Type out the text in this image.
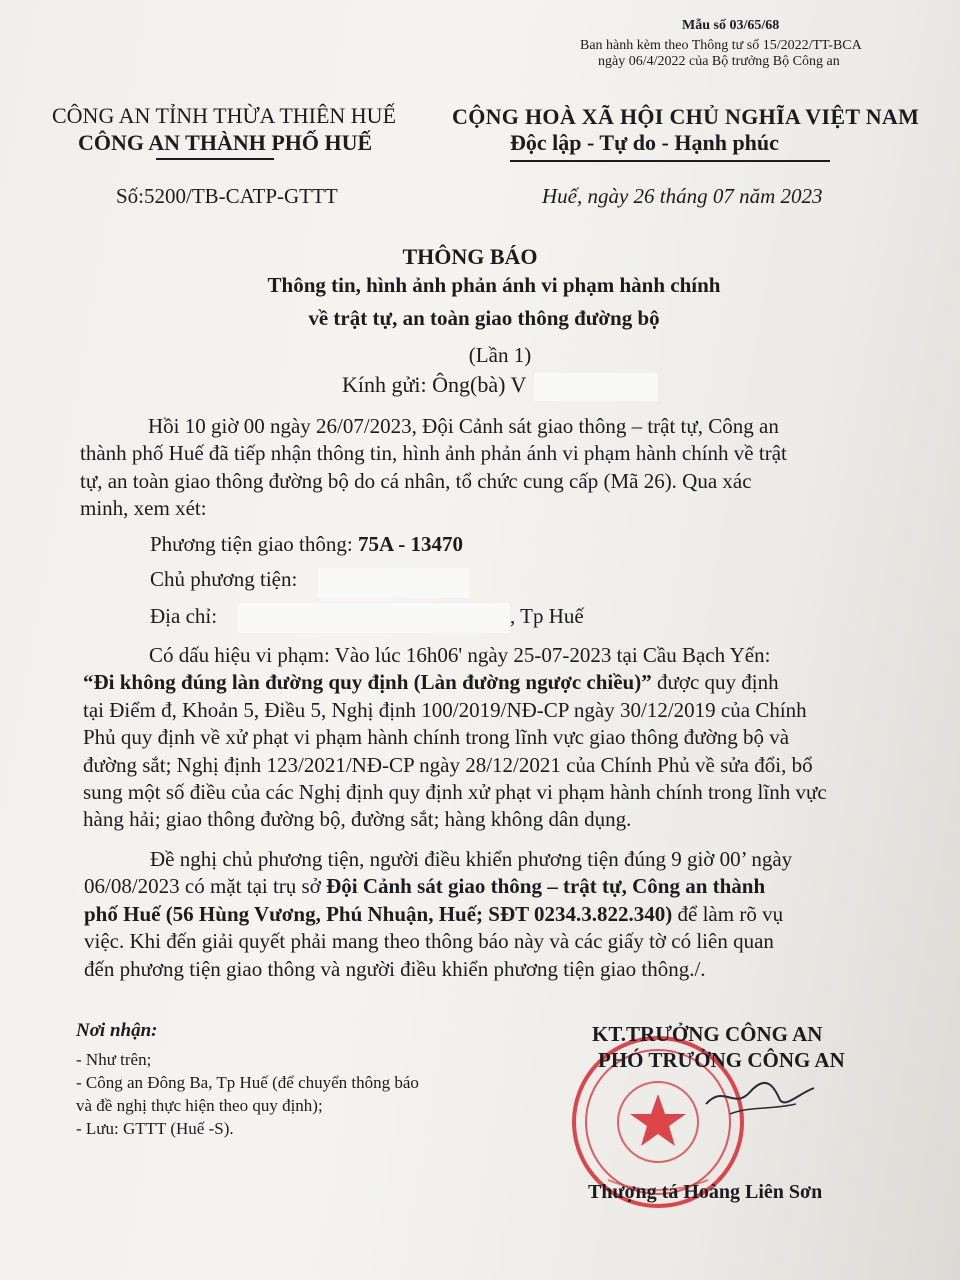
Mẫu số 03/65/68
Ban hành kèm theo Thông tư số 15/2022/TT-BCA
ngày 06/4/2022 của Bộ trưởng Bộ Công an
CÔNG AN TỈNH THỪA THIÊN HUẾ
CÔNG AN THÀNH PHỐ HUẾ
CỘNG HOÀ XÃ HỘI CHỦ NGHĨA VIỆT NAM
Độc lập - Tự do - Hạnh phúc
Số:5200/TB-CATP-GTTT	Huế, ngày 26 tháng 07 năm 2023
THÔNG BÁO
Thông tin, hình ảnh phản ánh vi phạm hành chính
về trật tự, an toàn giao thông đường bộ
(Lần 1)
Kính gửi: Ông(bà) V
Hồi 10 giờ 00 ngày 26/07/2023, Đội Cảnh sát giao thông – trật tự, Công an
thành phố Huế đã tiếp nhận thông tin, hình ảnh phản ánh vi phạm hành chính về trật
tự, an toàn giao thông đường bộ do cá nhân, tổ chức cung cấp (Mã 26). Qua xác
minh, xem xét:
Phương tiện giao thông: 75A - 13470
Chủ phương tiện:
Địa chỉ:	, Tp Huế
Có dấu hiệu vi phạm: Vào lúc 16h06' ngày 25-07-2023 tại Cầu Bạch Yến:
“Đi không đúng làn đường quy định (Làn đường ngược chiều)” được quy định
tại Điểm đ, Khoản 5, Điều 5, Nghị định 100/2019/NĐ-CP ngày 30/12/2019 của Chính
Phủ quy định về xử phạt vi phạm hành chính trong lĩnh vực giao thông đường bộ và
đường sắt; Nghị định 123/2021/NĐ-CP ngày 28/12/2021 của Chính Phủ về sửa đổi, bổ
sung một số điều của các Nghị định quy định xử phạt vi phạm hành chính trong lĩnh vực
hàng hải; giao thông đường bộ, đường sắt; hàng không dân dụng.
Đề nghị chủ phương tiện, người điều khiển phương tiện đúng 9 giờ 00’ ngày
06/08/2023 có mặt tại trụ sở Đội Cảnh sát giao thông – trật tự, Công an thành
phố Huế (56 Hùng Vương, Phú Nhuận, Huế; SĐT 0234.3.822.340) để làm rõ vụ
việc. Khi đến giải quyết phải mang theo thông báo này và các giấy tờ có liên quan
đến phương tiện giao thông và người điều khiển phương tiện giao thông./.
Nơi nhận:
- Như trên;
- Công an Đông Ba, Tp Huế (để chuyển thông báo
và đề nghị thực hiện theo quy định);
- Lưu: GTTT (Huế -S).
KT.TRƯỞNG CÔNG AN
PHÓ TRƯỞNG CÔNG AN
Thượng tá Hoàng Liên Sơn
